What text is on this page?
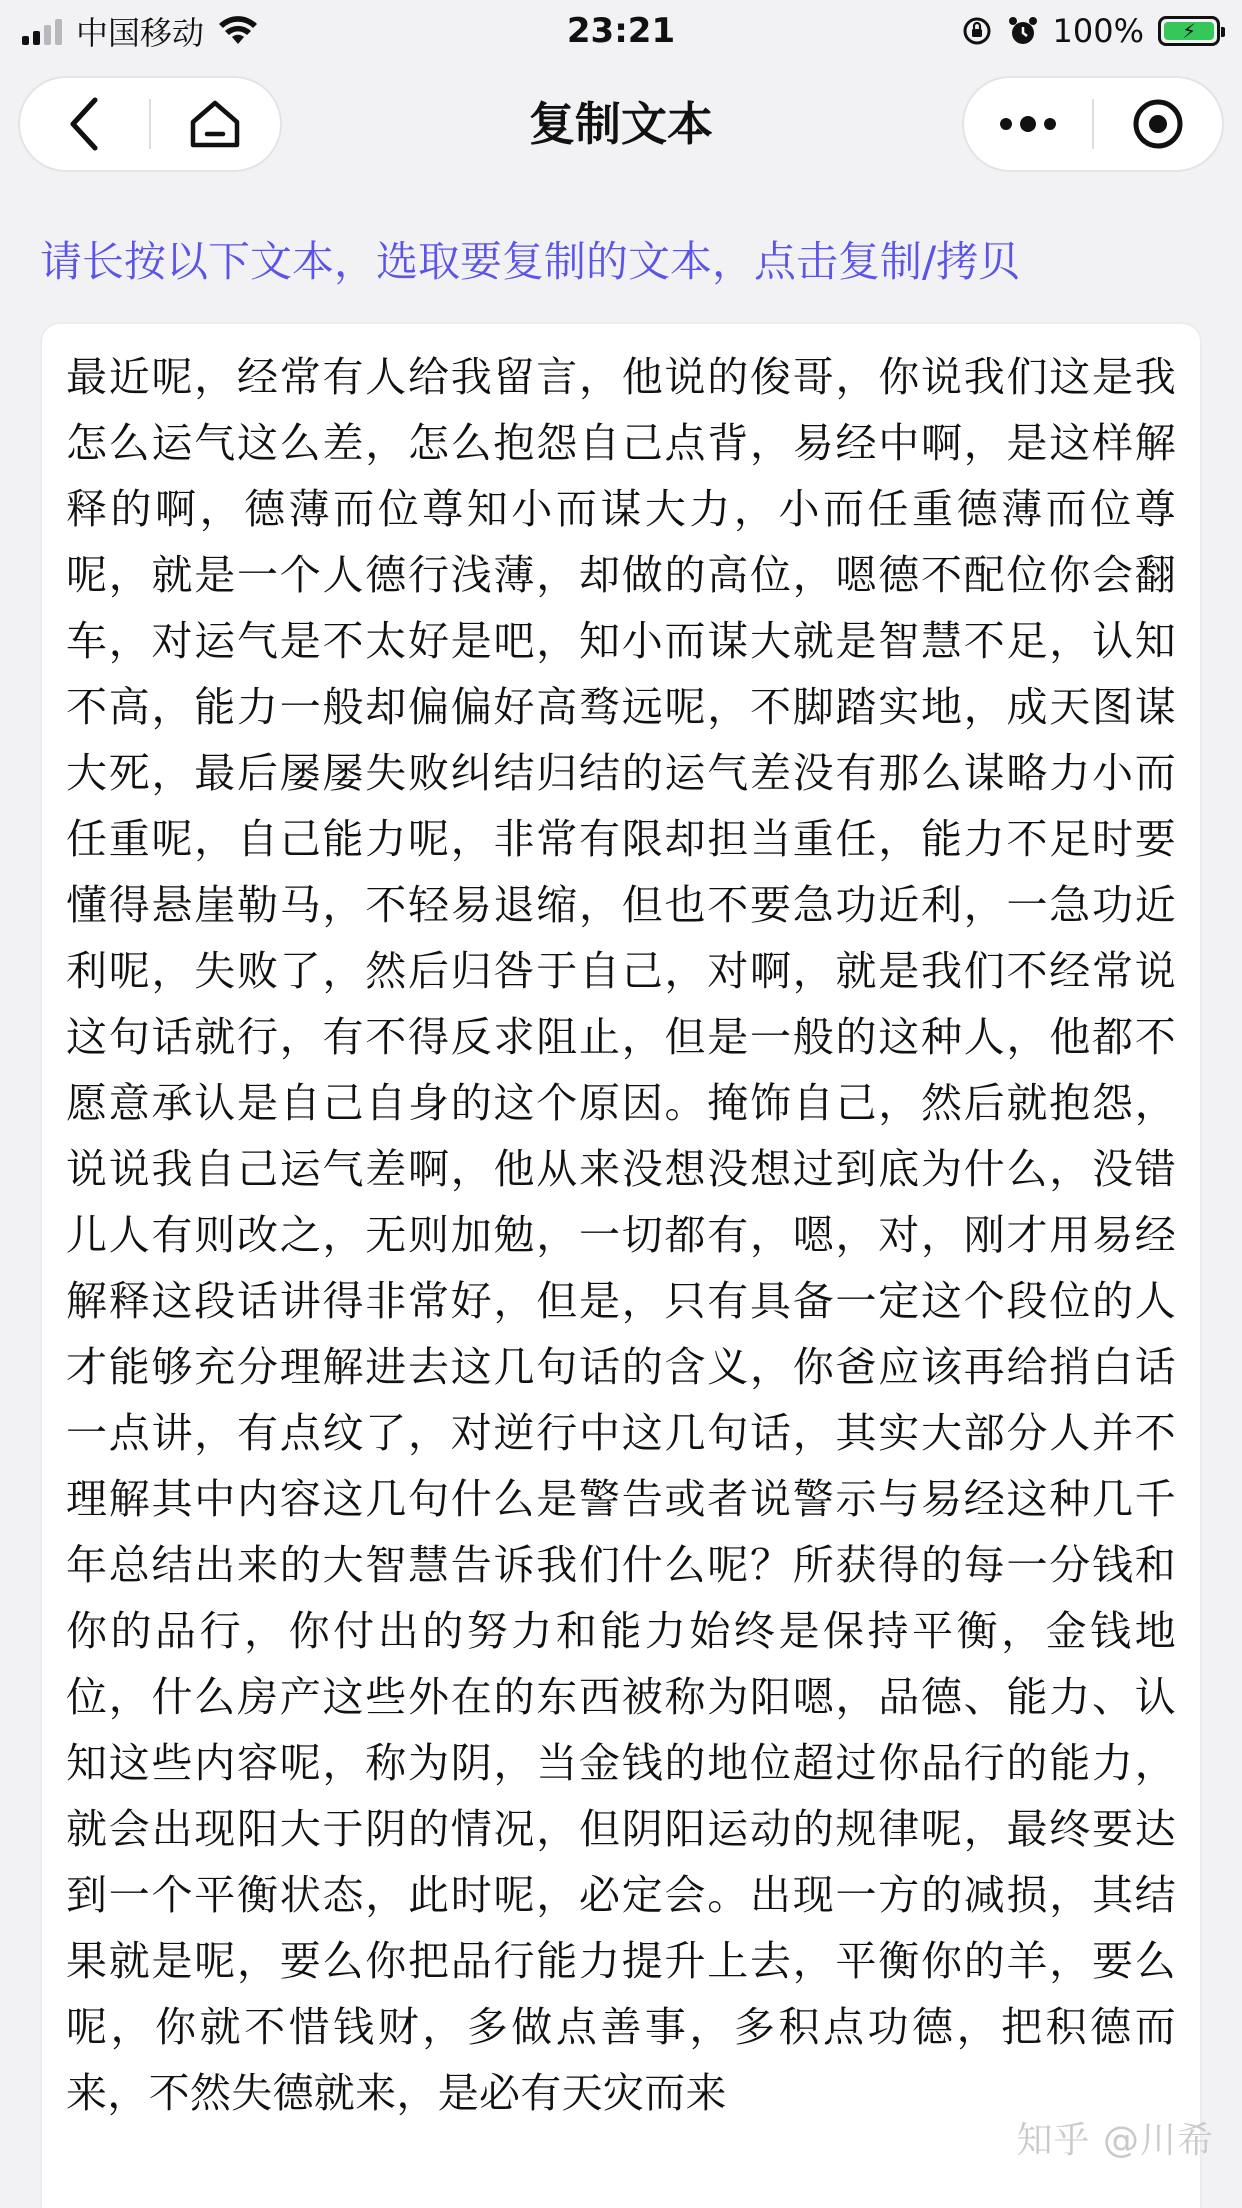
中国移动	23:21	100%	⚡
复制文本
请长按以下文本，选取要复制的文本，点击复制/拷贝
最近呢，经常有人给我留言，他说的俊哥，你说我们这是我怎么运气这么差，怎么抱怨自己点背，易经中啊，是这样解释的啊，德薄而位尊知小而谋大力，小而任重德薄而位尊呢，就是一个人德行浅薄，却做的高位，嗯德不配位你会翻车，对运气是不太好是吧，知小而谋大就是智慧不足，认知不高，能力一般却偏偏好高骛远呢，不脚踏实地，成天图谋大死，最后屡屡失败纠结归结的运气差没有那么谋略力小而任重呢，自己能力呢，非常有限却担当重任，能力不足时要懂得悬崖勒马，不轻易退缩，但也不要急功近利，一急功近利呢，失败了，然后归咎于自己，对啊，就是我们不经常说这句话就行，有不得反求阻止，但是一般的这种人，他都不愿意承认是自己自身的这个原因。掩饰自己，然后就抱怨，说说我自己运气差啊，他从来没想没想过到底为什么，没错儿人有则改之，无则加勉，一切都有，嗯，对，刚才用易经解释这段话讲得非常好，但是，只有具备一定这个段位的人才能够充分理解进去这几句话的含义，你爸应该再给捎白话一点讲，有点纹了，对逆行中这几句话，其实大部分人并不理解其中内容这几句什么是警告或者说警示与易经这种几千年总结出来的大智慧告诉我们什么呢？所获得的每一分钱和你的品行，你付出的努力和能力始终是保持平衡，金钱地位，什么房产这些外在的东西被称为阳嗯，品德、能力、认知这些内容呢，称为阴，当金钱的地位超过你品行的能力，就会出现阳大于阴的情况，但阴阳运动的规律呢，最终要达到一个平衡状态，此时呢，必定会。出现一方的减损，其结果就是呢，要么你把品行能力提升上去，平衡你的羊，要么呢，你就不惜钱财，多做点善事，多积点功德，把积德而来，不然失德就来，是必有天灾而来
知乎 @川希
